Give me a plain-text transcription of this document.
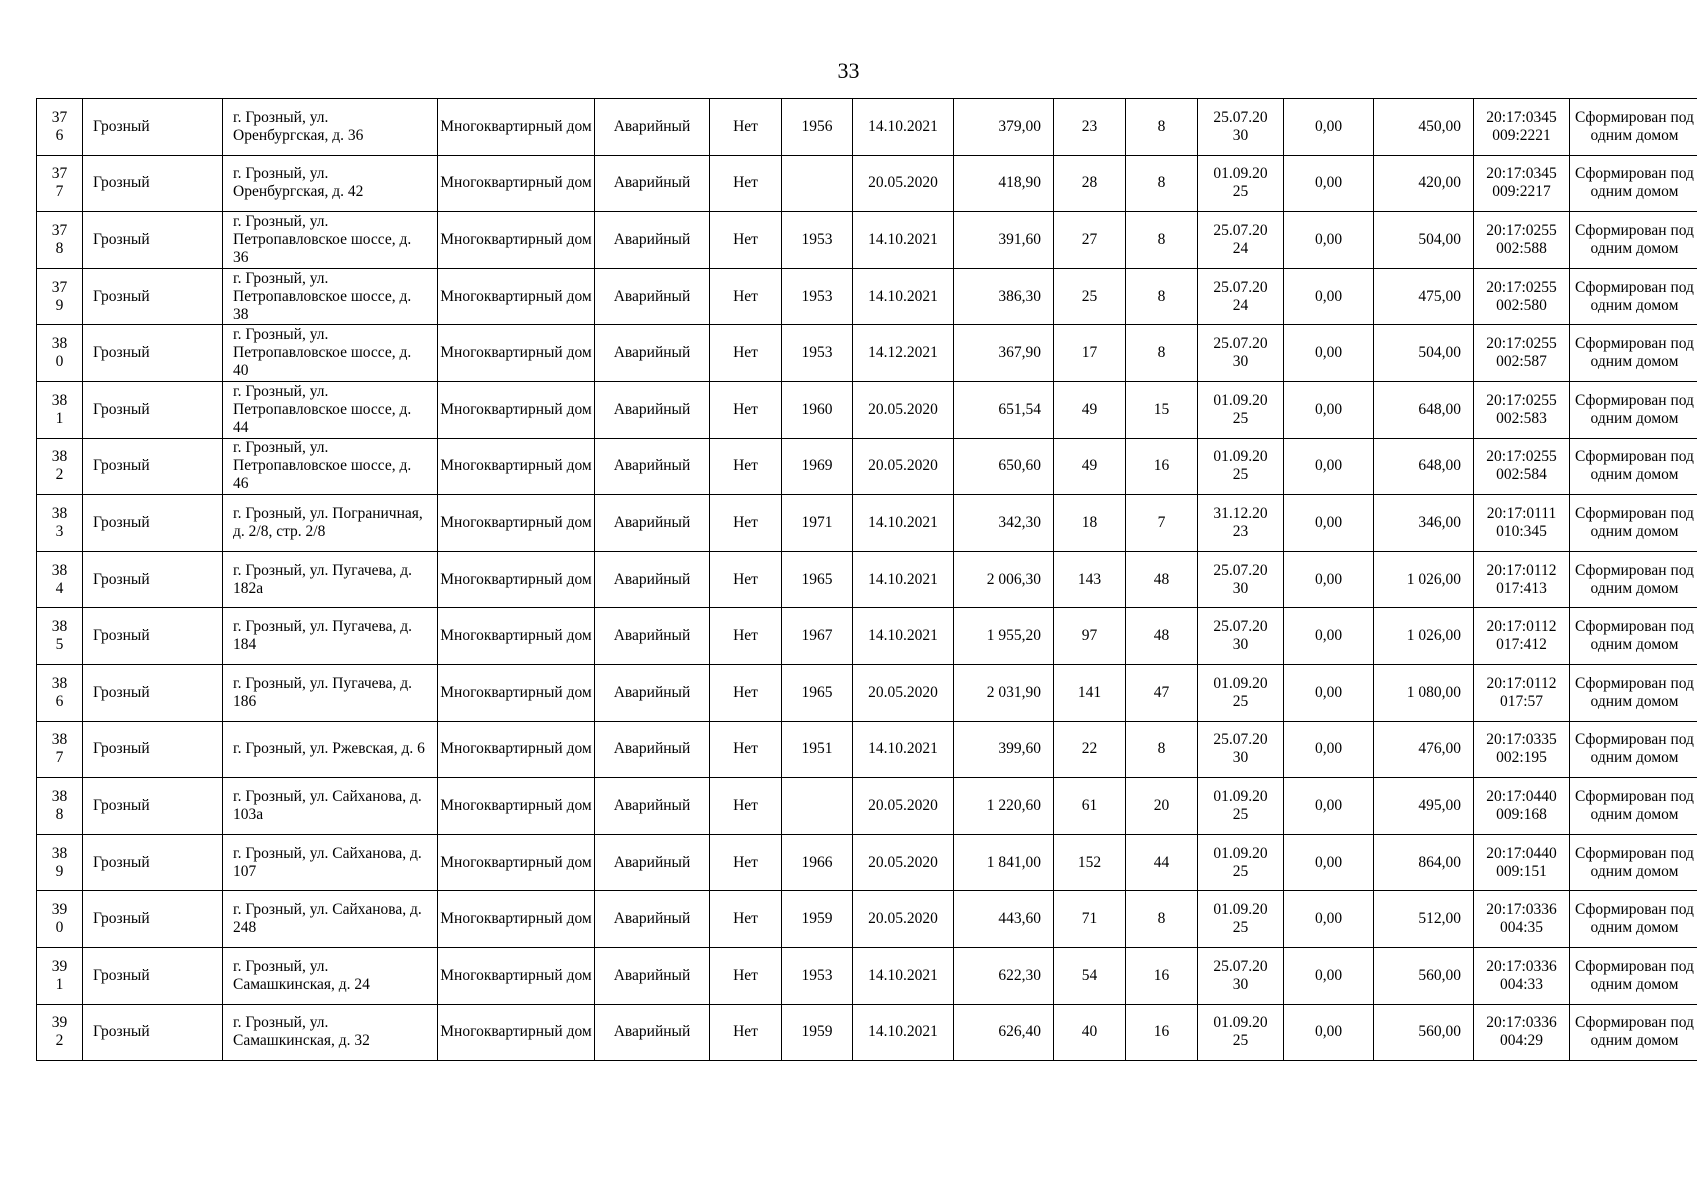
33
376	Грозный	г. Грозный, ул. Оренбургская, д. 36	Многоквартирный дом	Аварийный	Нет	1956	14.10.2021	379,00	23	8	25.07.2030	0,00	450,00	20:17:0345009:2221	Сформирован под одним домом
377	Грозный	г. Грозный, ул. Оренбургская, д. 42	Многоквартирный дом	Аварийный	Нет		20.05.2020	418,90	28	8	01.09.2025	0,00	420,00	20:17:0345009:2217	Сформирован под одним домом
378	Грозный	г. Грозный, ул. Петропавловское шоссе, д. 36	Многоквартирный дом	Аварийный	Нет	1953	14.10.2021	391,60	27	8	25.07.2024	0,00	504,00	20:17:0255002:588	Сформирован под одним домом
379	Грозный	г. Грозный, ул. Петропавловское шоссе, д. 38	Многоквартирный дом	Аварийный	Нет	1953	14.10.2021	386,30	25	8	25.07.2024	0,00	475,00	20:17:0255002:580	Сформирован под одним домом
380	Грозный	г. Грозный, ул. Петропавловское шоссе, д. 40	Многоквартирный дом	Аварийный	Нет	1953	14.12.2021	367,90	17	8	25.07.2030	0,00	504,00	20:17:0255002:587	Сформирован под одним домом
381	Грозный	г. Грозный, ул. Петропавловское шоссе, д. 44	Многоквартирный дом	Аварийный	Нет	1960	20.05.2020	651,54	49	15	01.09.2025	0,00	648,00	20:17:0255002:583	Сформирован под одним домом
382	Грозный	г. Грозный, ул. Петропавловское шоссе, д. 46	Многоквартирный дом	Аварийный	Нет	1969	20.05.2020	650,60	49	16	01.09.2025	0,00	648,00	20:17:0255002:584	Сформирован под одним домом
383	Грозный	г. Грозный, ул. Пограничная, д. 2/8, стр. 2/8	Многоквартирный дом	Аварийный	Нет	1971	14.10.2021	342,30	18	7	31.12.2023	0,00	346,00	20:17:0111010:345	Сформирован под одним домом
384	Грозный	г. Грозный, ул. Пугачева, д. 182а	Многоквартирный дом	Аварийный	Нет	1965	14.10.2021	2 006,30	143	48	25.07.2030	0,00	1 026,00	20:17:0112017:413	Сформирован под одним домом
385	Грозный	г. Грозный, ул. Пугачева, д. 184	Многоквартирный дом	Аварийный	Нет	1967	14.10.2021	1 955,20	97	48	25.07.2030	0,00	1 026,00	20:17:0112017:412	Сформирован под одним домом
386	Грозный	г. Грозный, ул. Пугачева, д. 186	Многоквартирный дом	Аварийный	Нет	1965	20.05.2020	2 031,90	141	47	01.09.2025	0,00	1 080,00	20:17:0112017:57	Сформирован под одним домом
387	Грозный	г. Грозный, ул. Ржевская, д. 6	Многоквартирный дом	Аварийный	Нет	1951	14.10.2021	399,60	22	8	25.07.2030	0,00	476,00	20:17:0335002:195	Сформирован под одним домом
388	Грозный	г. Грозный, ул. Сайханова, д. 103а	Многоквартирный дом	Аварийный	Нет		20.05.2020	1 220,60	61	20	01.09.2025	0,00	495,00	20:17:0440009:168	Сформирован под одним домом
389	Грозный	г. Грозный, ул. Сайханова, д. 107	Многоквартирный дом	Аварийный	Нет	1966	20.05.2020	1 841,00	152	44	01.09.2025	0,00	864,00	20:17:0440009:151	Сформирован под одним домом
390	Грозный	г. Грозный, ул. Сайханова, д. 248	Многоквартирный дом	Аварийный	Нет	1959	20.05.2020	443,60	71	8	01.09.2025	0,00	512,00	20:17:0336004:35	Сформирован под одним домом
391	Грозный	г. Грозный, ул. Самашкинская, д. 24	Многоквартирный дом	Аварийный	Нет	1953	14.10.2021	622,30	54	16	25.07.2030	0,00	560,00	20:17:0336004:33	Сформирован под одним домом
392	Грозный	г. Грозный, ул. Самашкинская, д. 32	Многоквартирный дом	Аварийный	Нет	1959	14.10.2021	626,40	40	16	01.09.2025	0,00	560,00	20:17:0336004:29	Сформирован под одним домом
